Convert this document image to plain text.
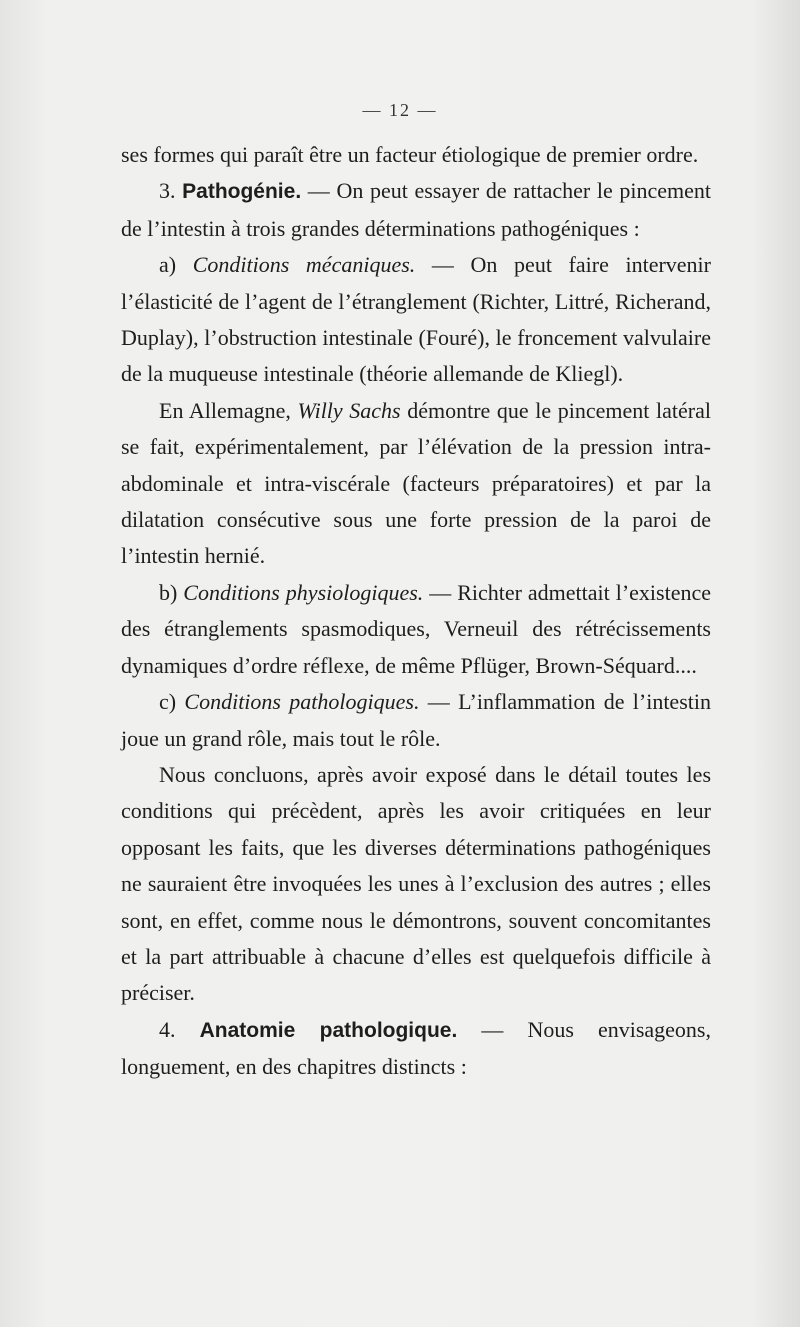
— 12 —

ses formes qui paraît être un facteur étiologique de premier ordre.

3. Pathogénie. — On peut essayer de rattacher le pincement de l’intestin à trois grandes déterminations pathogéniques :

a) Conditions mécaniques. — On peut faire intervenir l’élasticité de l’agent de l’étranglement (Richter, Littré, Richerand, Duplay), l’obstruction intestinale (Fouré), le froncement valvulaire de la muqueuse intestinale (théorie allemande de Kliegl).

En Allemagne, Willy Sachs démontre que le pincement latéral se fait, expérimentalement, par l’élévation de la pression intra-abdominale et intra-viscérale (facteurs préparatoires) et par la dilatation consécutive sous une forte pression de la paroi de l’intestin hernié.

b) Conditions physiologiques. — Richter admettait l’existence des étranglements spasmodiques, Verneuil des rétrécissements dynamiques d’ordre réflexe, de même Pflüger, Brown-Séquard....

c) Conditions pathologiques. — L’inflammation de l’intestin joue un grand rôle, mais tout le rôle.

Nous concluons, après avoir exposé dans le détail toutes les conditions qui précèdent, après les avoir critiquées en leur opposant les faits, que les diverses déterminations pathogéniques ne sauraient être invoquées les unes à l’exclusion des autres ; elles sont, en effet, comme nous le démontrons, souvent concomitantes et la part attribuable à chacune d’elles est quelquefois difficile à préciser.

4. Anatomie pathologique. — Nous envisageons, longuement, en des chapitres distincts :
